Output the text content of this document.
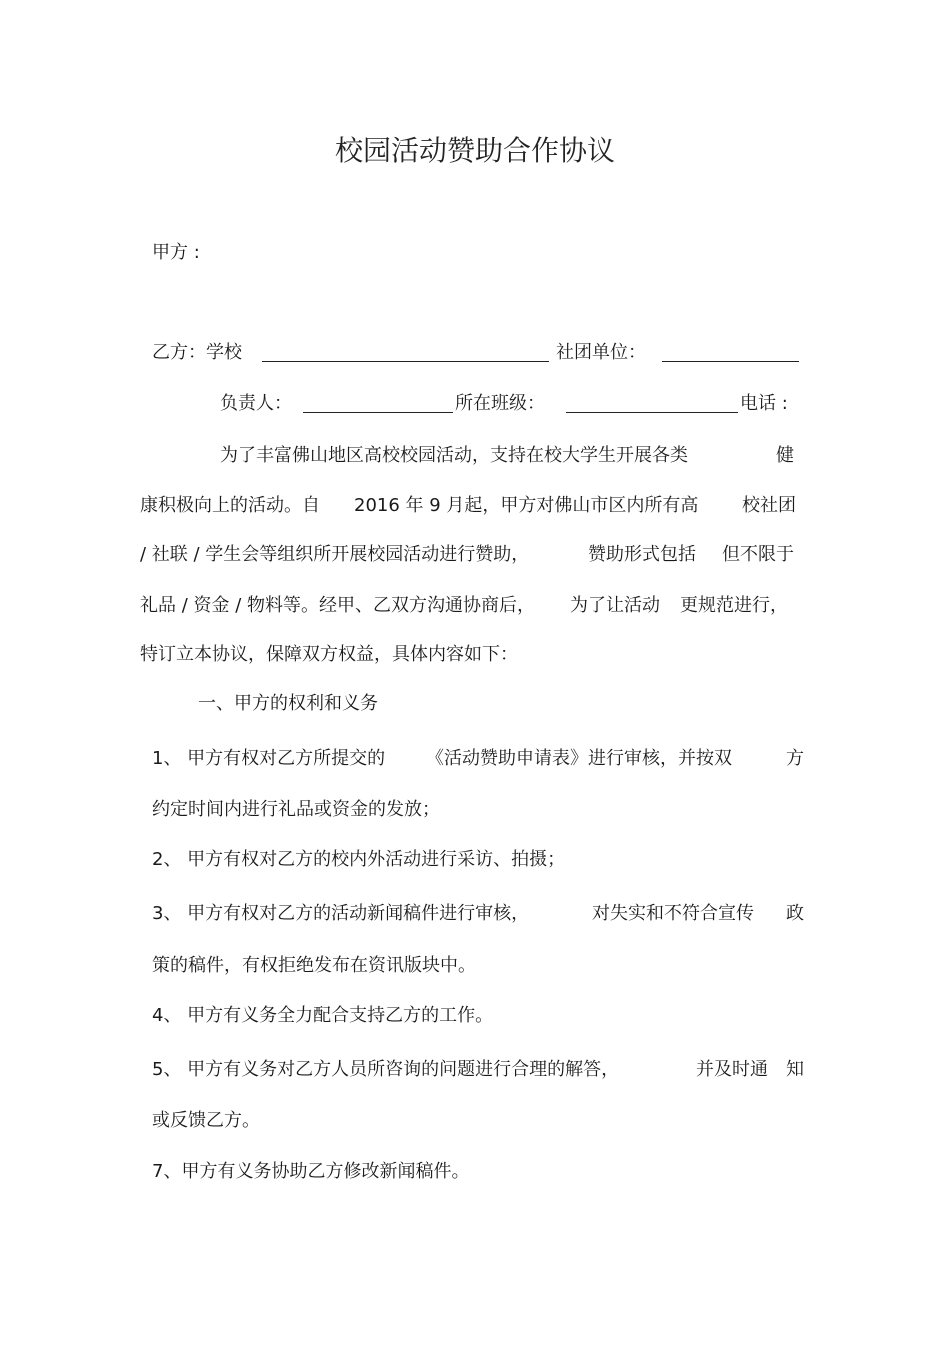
校园活动赞助合作协议
甲方 :
乙方：学校	社团单位：
负责人：	所在班级：	电话 :
为了丰富佛山地区高校校园活动，支持在校大学生开展各类	健
康积极向上的活动。自 2016 年 9 月起，甲方对佛山市区内所有高 校社团
/ 社联 / 学生会等组织所开展校园活动进行赞助，	赞助形式包括 但不限于
礼品 / 资金 / 物料等。经甲、乙双方沟通协商后， 为了让活动 更规范进行，
特订立本协议，保障双方权益，具体内容如下：
一、甲方的权利和义务
1、 甲方有权对乙方所提交的 《活动赞助申请表》进行审核，并按双	方
约定时间内进行礼品或资金的发放；
2、 甲方有权对乙方的校内外活动进行采访、拍摄；
3、 甲方有权对乙方的活动新闻稿件进行审核，	对失实和不符合宣传 政
策的稿件，有权拒绝发布在资讯版块中。
4、 甲方有义务全力配合支持乙方的工作。
5、 甲方有义务对乙方人员所咨询的问题进行合理的解答，	并及时通 知
或反馈乙方。
7、甲方有义务协助乙方修改新闻稿件。
